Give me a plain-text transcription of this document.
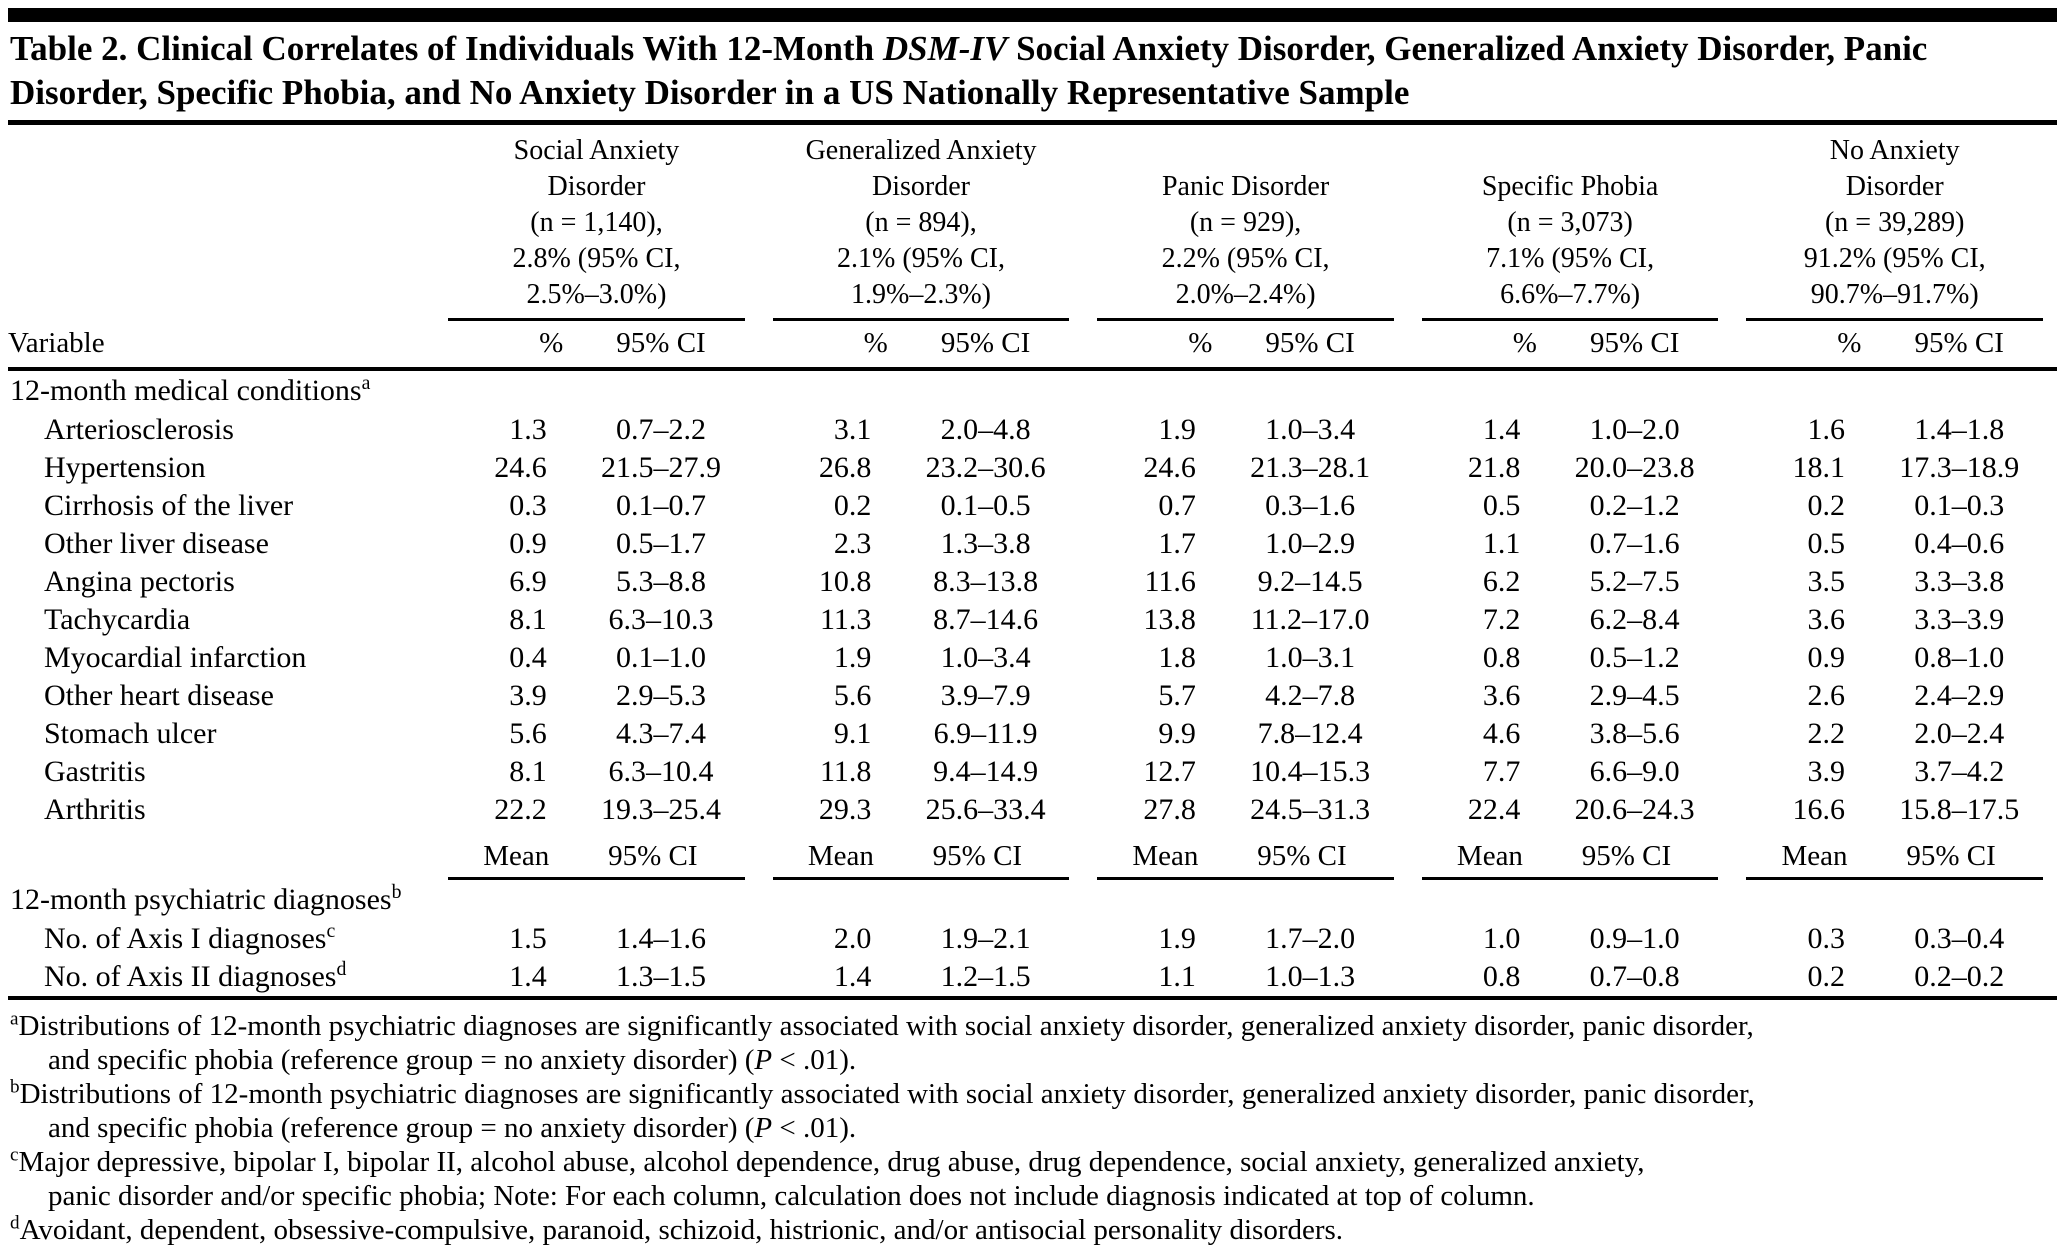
Table 2. Clinical Correlates of Individuals With 12-Month DSM-IV Social Anxiety Disorder, Generalized Anxiety Disorder, Panic
Disorder, Specific Phobia, and No Anxiety Disorder in a US Nationally Representative Sample

Social Anxiety
Disorder
(n = 1,140),
2.8% (95% CI,
2.5%–3.0%)

Generalized Anxiety
Disorder
(n = 894),
2.1% (95% CI,
1.9%–2.3%)

Panic Disorder
(n = 929),
2.2% (95% CI,
2.0%–2.4%)

Specific Phobia
(n = 3,073)
7.1% (95% CI,
6.6%–7.7%)

No Anxiety
Disorder
(n = 39,289)
91.2% (95% CI,
90.7%–91.7%)

Variable	%	95% CI	%	95% CI	%	95% CI	%	95% CI	%	95% CI
12-month medical conditions$^a$
Arteriosclerosis	1.3	0.7–2.2	3.1	2.0–4.8	1.9	1.0–3.4	1.4	1.0–2.0	1.6	1.4–1.8
Hypertension	24.6	21.5–27.9	26.8	23.2–30.6	24.6	21.3–28.1	21.8	20.0–23.8	18.1	17.3–18.9
Cirrhosis of the liver	0.3	0.1–0.7	0.2	0.1–0.5	0.7	0.3–1.6	0.5	0.2–1.2	0.2	0.1–0.3
Other liver disease	0.9	0.5–1.7	2.3	1.3–3.8	1.7	1.0–2.9	1.1	0.7–1.6	0.5	0.4–0.6
Angina pectoris	6.9	5.3–8.8	10.8	8.3–13.8	11.6	9.2–14.5	6.2	5.2–7.5	3.5	3.3–3.8
Tachycardia	8.1	6.3–10.3	11.3	8.7–14.6	13.8	11.2–17.0	7.2	6.2–8.4	3.6	3.3–3.9
Myocardial infarction	0.4	0.1–1.0	1.9	1.0–3.4	1.8	1.0–3.1	0.8	0.5–1.2	0.9	0.8–1.0
Other heart disease	3.9	2.9–5.3	5.6	3.9–7.9	5.7	4.2–7.8	3.6	2.9–4.5	2.6	2.4–2.9
Stomach ulcer	5.6	4.3–7.4	9.1	6.9–11.9	9.9	7.8–12.4	4.6	3.8–5.6	2.2	2.0–2.4
Gastritis	8.1	6.3–10.4	11.8	9.4–14.9	12.7	10.4–15.3	7.7	6.6–9.0	3.9	3.7–4.2
Arthritis	22.2	19.3–25.4	29.3	25.6–33.4	27.8	24.5–31.3	22.4	20.6–24.3	16.6	15.8–17.5

	Mean 95% CI		Mean 95% CI		Mean 95% CI		Mean 95% CI		Mean 95% CI	

12-month psychiatric diagnoses$^b$
No. of Axis I diagnoses$^c$	1.5	1.4–1.6	2.0	1.9–2.1	1.9	1.7–2.0	1.0	0.9–1.0	0.3	0.3–0.4
No. of Axis II diagnoses$^d$	1.4	1.3–1.5	1.4	1.2–1.5	1.1	1.0–1.3	0.8	0.7–0.8	0.2	0.2–0.2

$^a$Distributions of 12-month psychiatric diagnoses are significantly associated with social anxiety disorder, generalized anxiety disorder, panic disorder,
and specific phobia (reference group = no anxiety disorder) (P < .01).

$^b$Distributions of 12-month psychiatric diagnoses are significantly associated with social anxiety disorder, generalized anxiety disorder, panic disorder,
and specific phobia (reference group = no anxiety disorder) (P < .01).

$^c$Major depressive, bipolar I, bipolar II, alcohol abuse, alcohol dependence, drug abuse, drug dependence, social anxiety, generalized anxiety,
panic disorder and/or specific phobia; Note: For each column, calculation does not include diagnosis indicated at top of column.

$^d$Avoidant, dependent, obsessive-compulsive, paranoid, schizoid, histrionic, and/or antisocial personality disorders.
